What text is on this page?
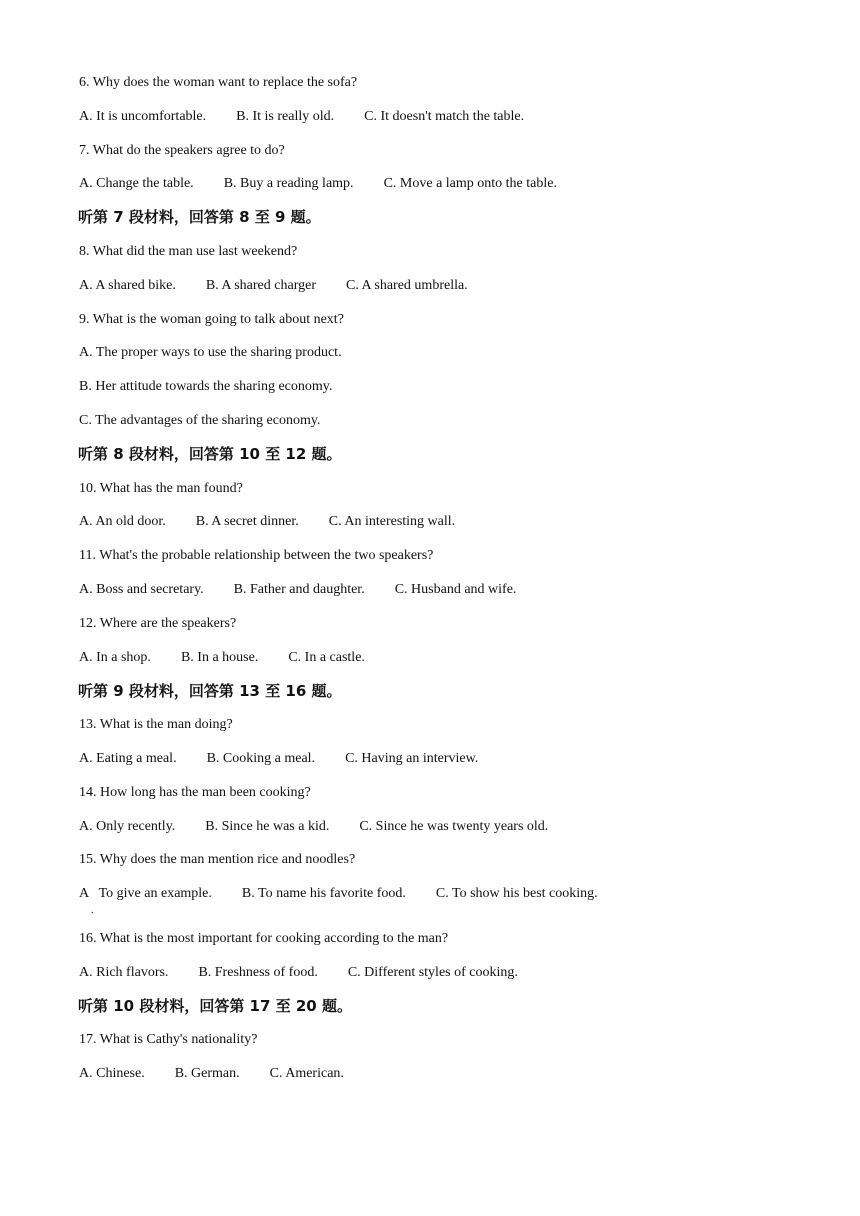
6. Why does the woman want to replace the sofa?
A. It is uncomfortable. B. It is really old. C. It doesn't match the table.
7. What do the speakers agree to do?
A. Change the table. B. Buy a reading lamp. C. Move a lamp onto the table.
听第 7 段材料，回答第 8 至 9 题。
8. What did the man use last weekend?
A. A shared bike. B. A shared charger C. A shared umbrella.
9. What is the woman going to talk about next?
A. The proper ways to use the sharing product.
B. Her attitude towards the sharing economy.
C. The advantages of the sharing economy.
听第 8 段材料，回答第 10 至 12 题。
10. What has the man found?
A. An old door. B. A secret dinner. C. An interesting wall.
11. What's the probable relationship between the two speakers?
A. Boss and secretary. B. Father and daughter. C. Husband and wife.
12. Where are the speakers?
A. In a shop. B. In a house. C. In a castle.
听第 9 段材料，回答第 13 至 16 题。
13. What is the man doing?
A. Eating a meal. B. Cooking a meal. C. Having an interview.
14. How long has the man been cooking?
A. Only recently. B. Since he was a kid. C. Since he was twenty years old.
15. Why does the man mention rice and noodles?
A   To give an example. B. To name his favorite food. C. To show his best cooking.
.
16. What is the most important for cooking according to the man?
A. Rich flavors. B. Freshness of food. C. Different styles of cooking.
听第 10 段材料，回答第 17 至 20 题。
17. What is Cathy's nationality?
A. Chinese. B. German. C. American.
